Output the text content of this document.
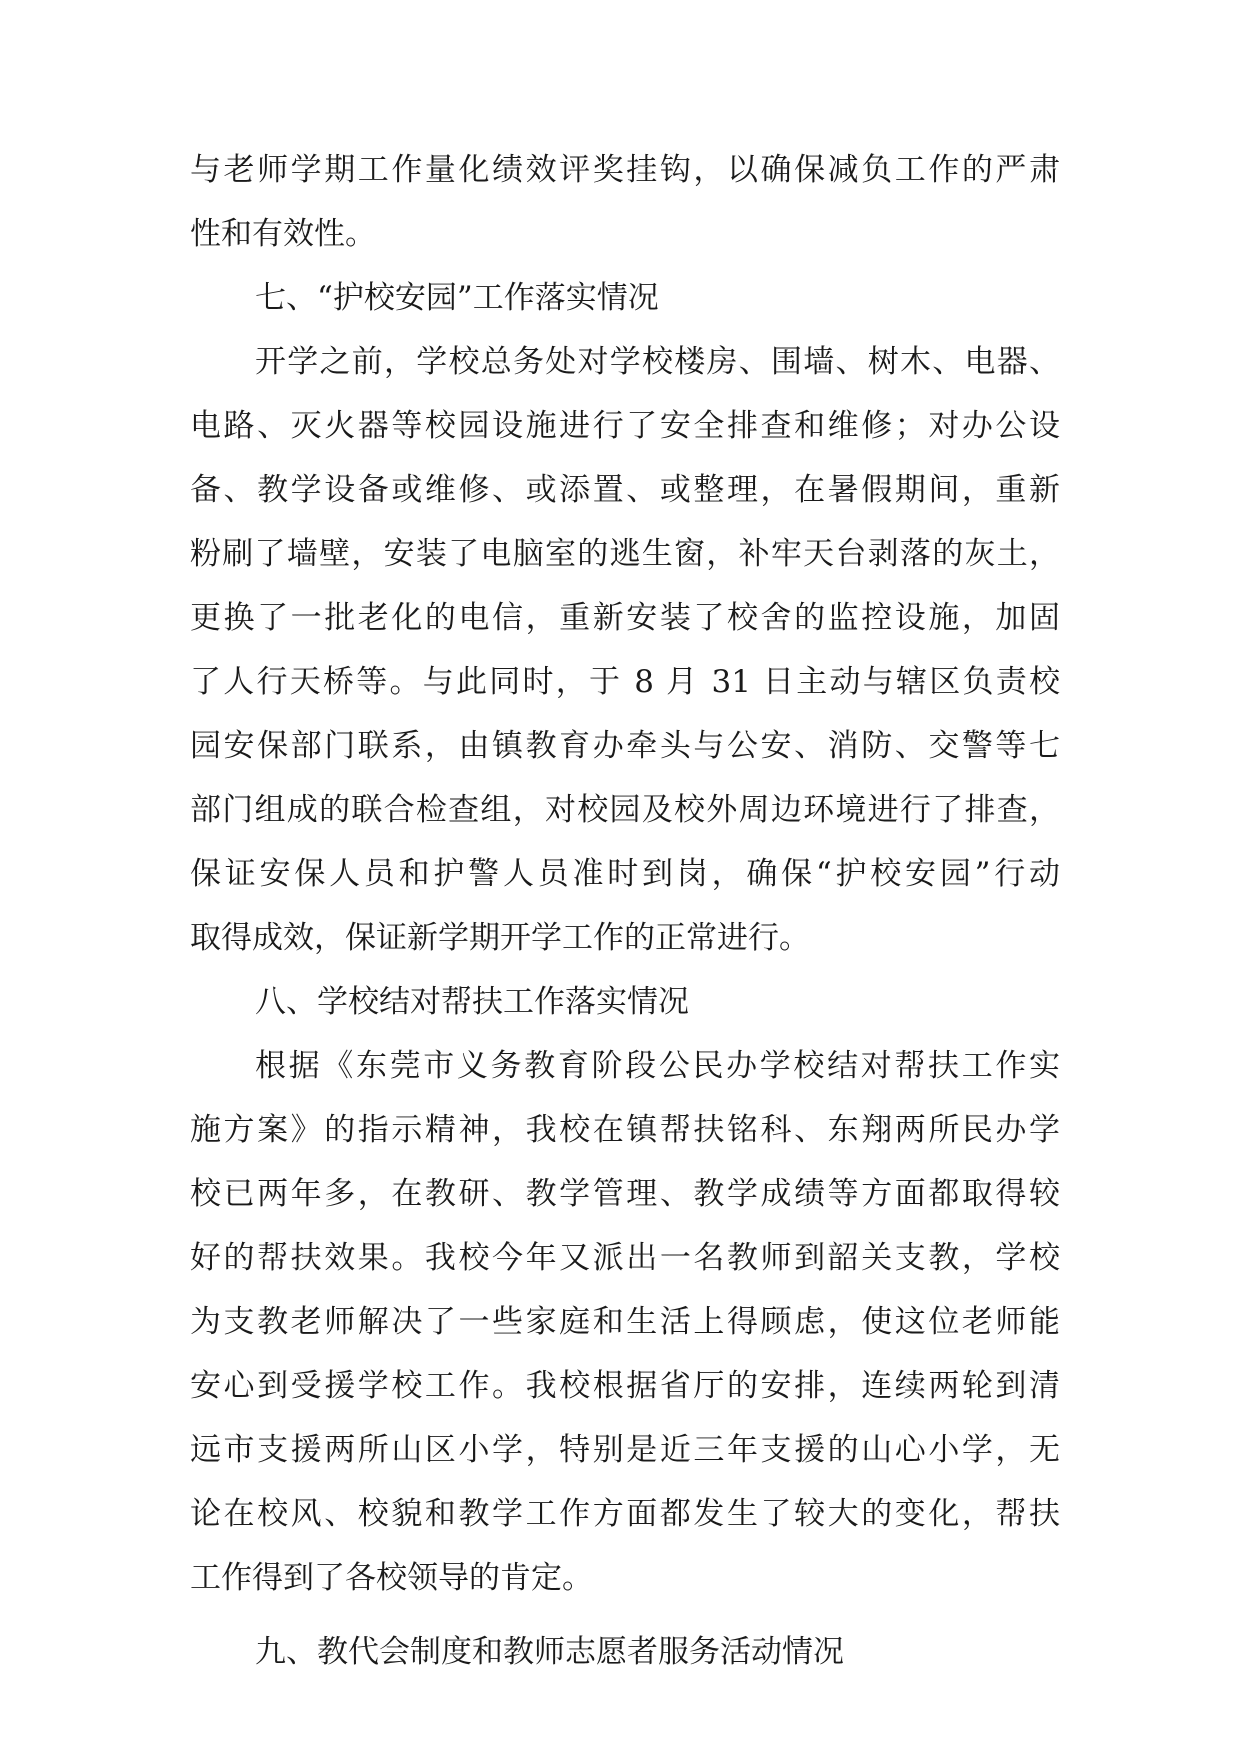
与老师学期工作量化绩效评奖挂钩，以确保减负工作的严肃
性和有效性。
七、“护校安园”工作落实情况
开学之前，学校总务处对学校楼房、围墙、树木、电器、
电路、灭火器等校园设施进行了安全排查和维修；对办公设
备、教学设备或维修、或添置、或整理，在暑假期间，重新
粉刷了墙壁，安装了电脑室的逃生窗，补牢天台剥落的灰土，
更换了一批老化的电信，重新安装了校舍的监控设施，加固
了人行天桥等。与此同时，于 8 月 31 日主动与辖区负责校
园安保部门联系，由镇教育办牵头与公安、消防、交警等七
部门组成的联合检查组，对校园及校外周边环境进行了排查，
保证安保人员和护警人员准时到岗，确保“护校安园”行动
取得成效，保证新学期开学工作的正常进行。
八、学校结对帮扶工作落实情况
根据《东莞市义务教育阶段公民办学校结对帮扶工作实
施方案》的指示精神，我校在镇帮扶铭科、东翔两所民办学
校已两年多，在教研、教学管理、教学成绩等方面都取得较
好的帮扶效果。我校今年又派出一名教师到韶关支教，学校
为支教老师解决了一些家庭和生活上得顾虑，使这位老师能
安心到受援学校工作。我校根据省厅的安排，连续两轮到清
远市支援两所山区小学，特别是近三年支援的山心小学，无
论在校风、校貌和教学工作方面都发生了较大的变化，帮扶
工作得到了各校领导的肯定。
九、教代会制度和教师志愿者服务活动情况
